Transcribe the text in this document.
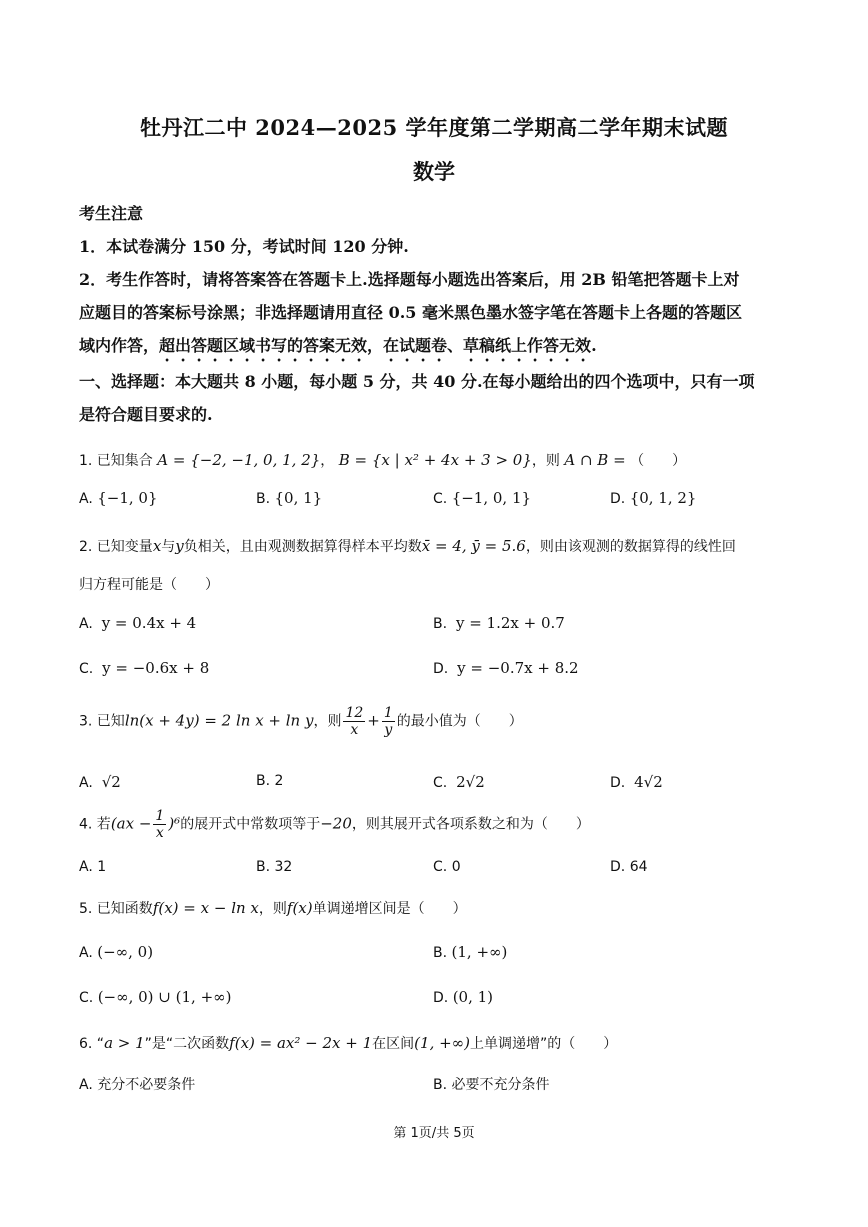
牡丹江二中 2024—2025 学年度第二学期高二学年期末试题
数学
考生注意
1．本试卷满分 150 分，考试时间 120 分钟.
2．考生作答时，请将答案答在答题卡上.选择题每小题选出答案后，用 2B 铅笔把答题卡上对
应题目的答案标号涂黑；非选择题请用直径 0.5 毫米黑色墨水签字笔在答题卡上各题的答题区
域内作答，超出答题区域书写的答案无效，在试题卷、草稿纸上作答无效.
一、选择题：本大题共 8 小题，每小题 5 分，共 40 分.在每小题给出的四个选项中，只有一项
是符合题目要求的.
1. 已知集合 A = {−2, −1, 0, 1, 2}， B = {x | x² + 4x + 3 > 0}，则 A ∩ B = （　　）
A. {−1, 0}	B. {0, 1}	C. {−1, 0, 1}	D. {0, 1, 2}
2. 已知变量x与y负相关，且由观测数据算得样本平均数x̄ = 4, ȳ = 5.6，则由该观测的数据算得的线性回
归方程可能是（　　）
A. y = 0.4x + 4	B. y = 1.2x + 0.7
C. y = −0.6x + 8	D. y = −0.7x + 8.2
3. 已知ln(x + 4y) = 2 ln x + ln y，则 $\frac{12}{x} + \frac{1}{y}$ 的最小值为（　　）
A. √2	B. 2	C. 2√2	D. 4√2
4. 若$(ax - \frac{1}{x} )^6$的展开式中常数项等于−20，则其展开式各项系数之和为（　　）
A. 1	B. 32	C. 0	D. 64
5. 已知函数f(x) = x − ln x，则f(x)单调递增区间是（　　）
A. (−∞, 0)	B. (1, +∞)
C. (−∞, 0) ∪ (1, +∞)	D. (0, 1)
6. “a > 1”是“二次函数f(x) = ax² − 2x + 1在区间(1, +∞)上单调递增”的（　　）
A. 充分不必要条件	B. 必要不充分条件
第 1页/共 5页
